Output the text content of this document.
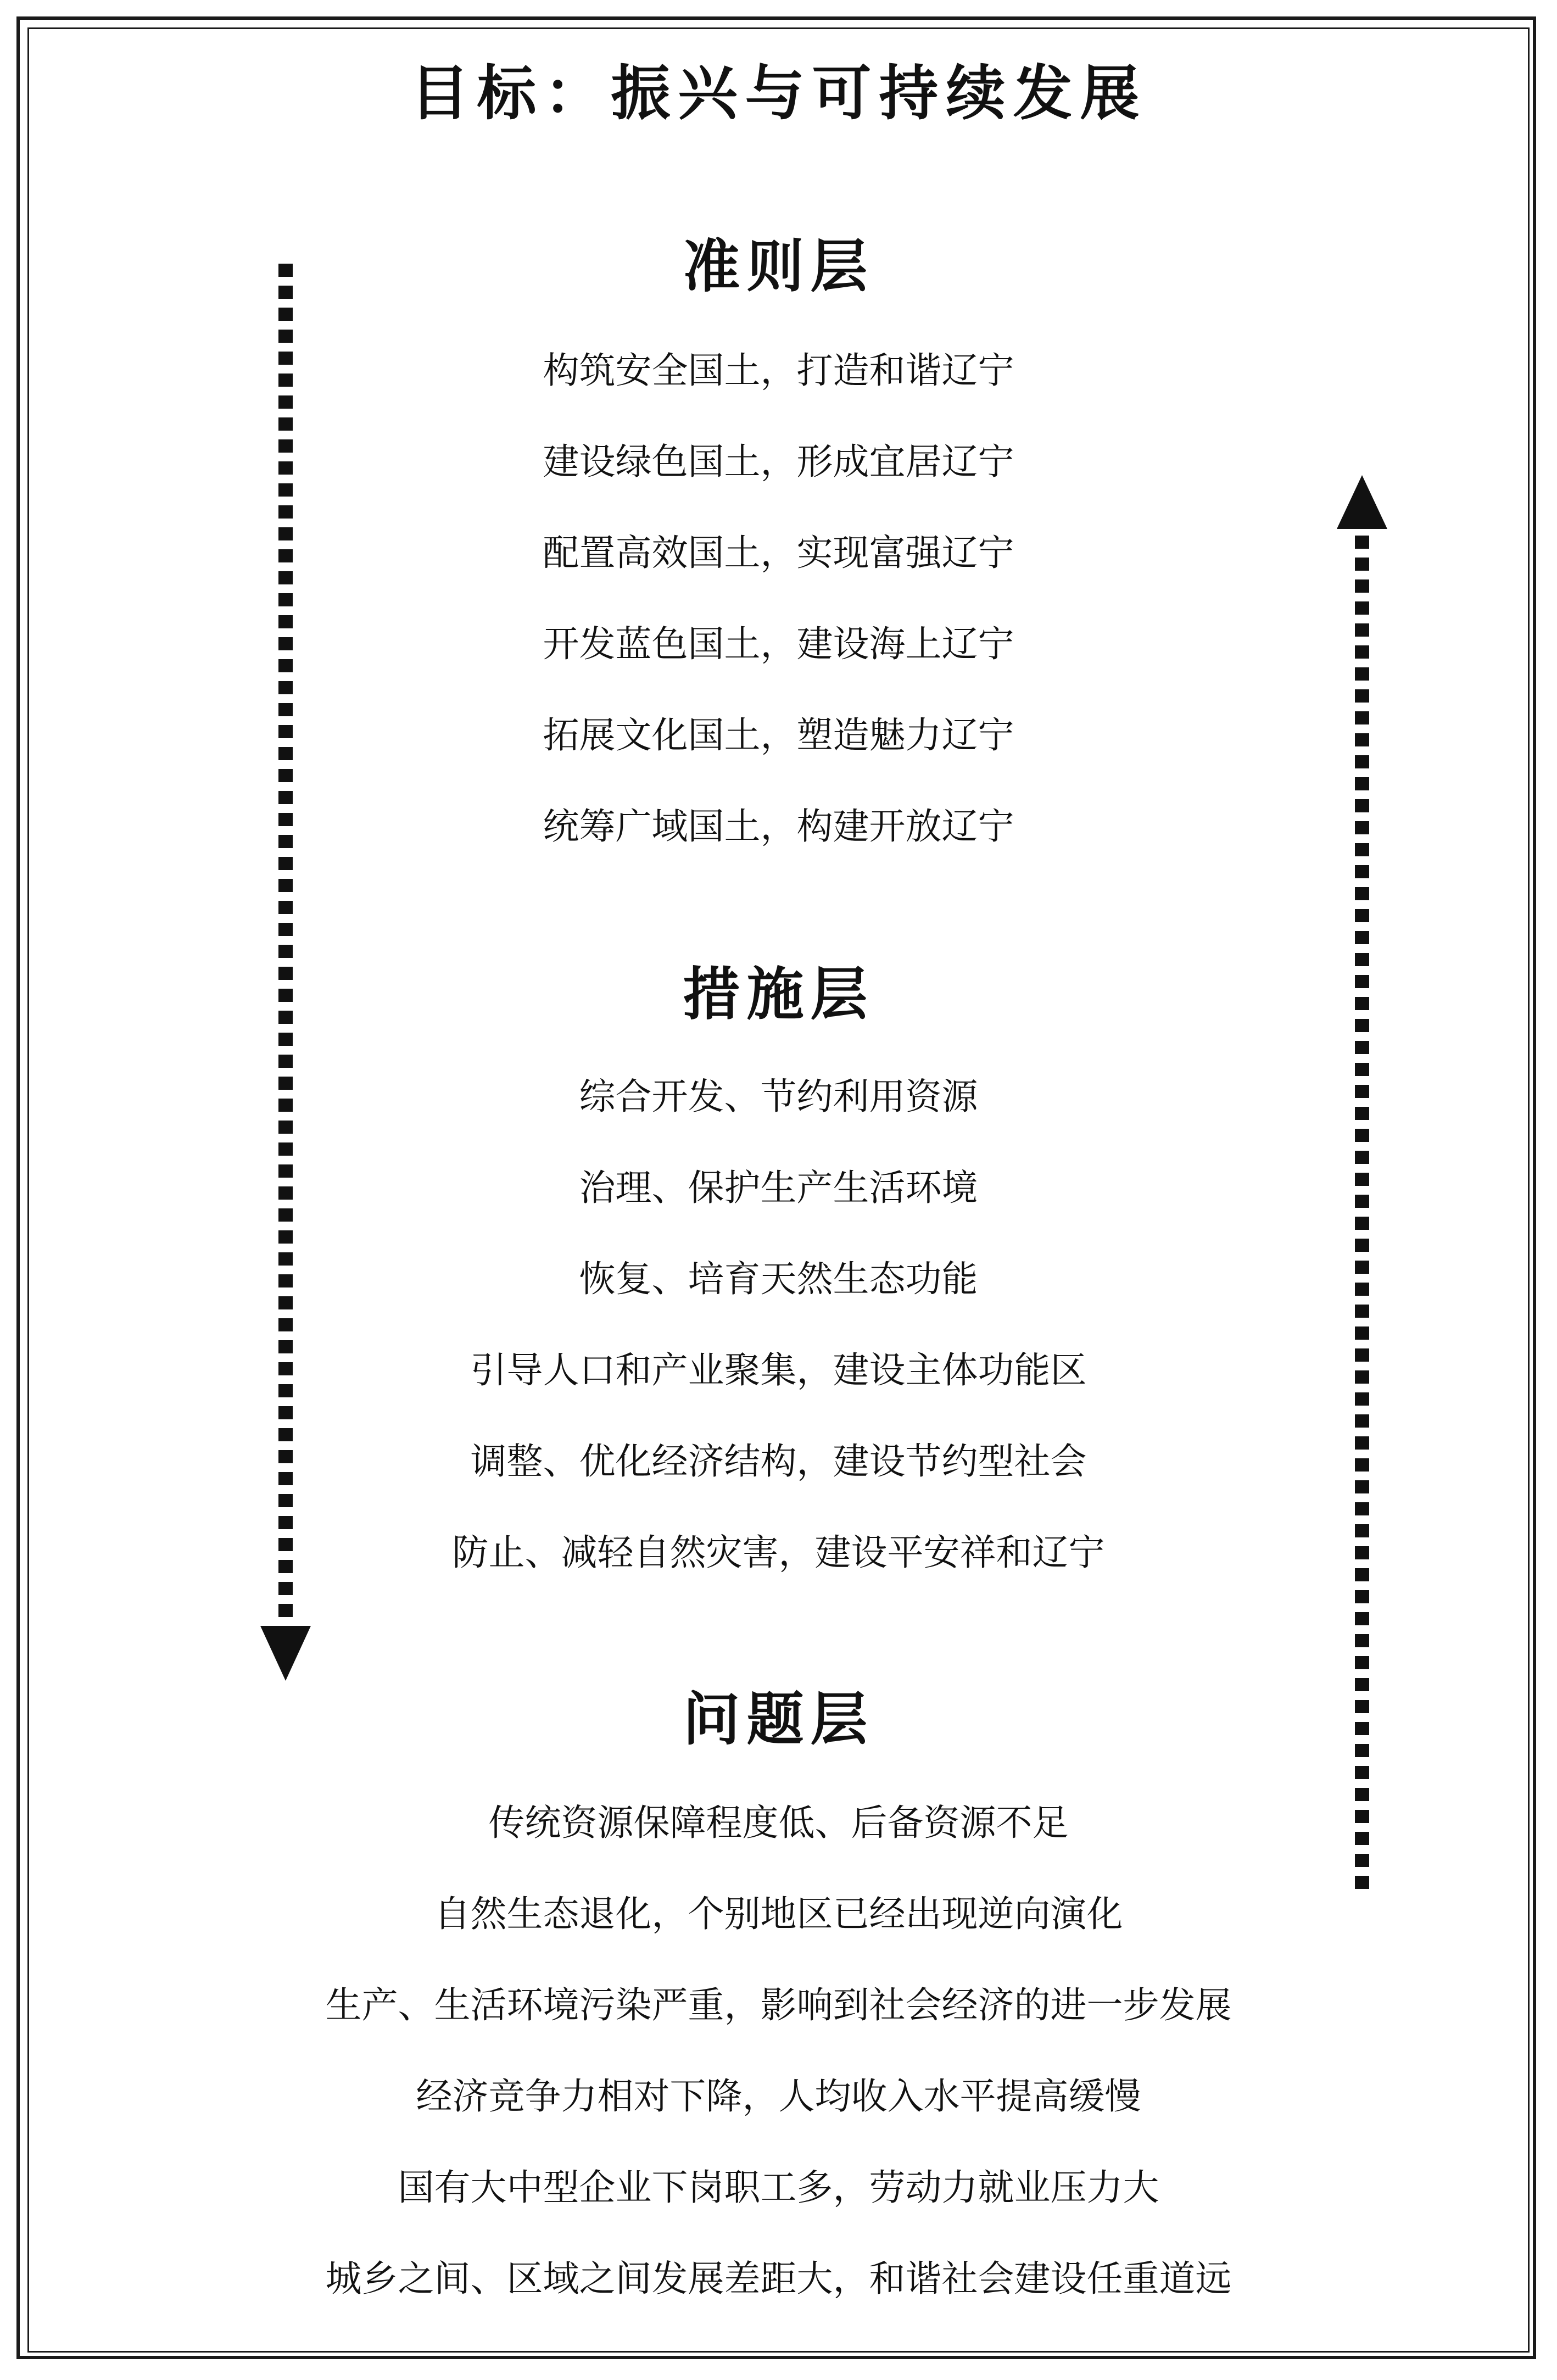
目标：振兴与可持续发展
准则层
构筑安全国土，打造和谐辽宁
建设绿色国土，形成宜居辽宁
配置高效国土，实现富强辽宁
开发蓝色国土，建设海上辽宁
拓展文化国土，塑造魅力辽宁
统筹广域国土，构建开放辽宁
措施层
综合开发、节约利用资源
治理、保护生产生活环境
恢复、培育天然生态功能
引导人口和产业聚集，建设主体功能区
调整、优化经济结构，建设节约型社会
防止、减轻自然灾害，建设平安祥和辽宁
问题层
传统资源保障程度低、后备资源不足
自然生态退化，个别地区已经出现逆向演化
生产、生活环境污染严重，影响到社会经济的进一步发展
经济竞争力相对下降，人均收入水平提高缓慢
国有大中型企业下岗职工多，劳动力就业压力大
城乡之间、区域之间发展差距大，和谐社会建设任重道远
